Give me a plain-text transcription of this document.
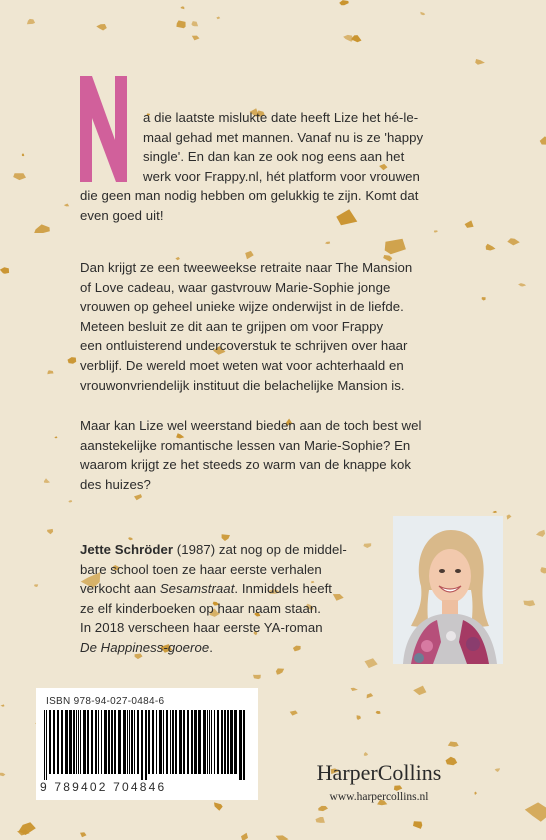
a die laatste mislukte date heeft Lize het hé-le-
maal gehad met mannen. Vanaf nu is ze 'happy
single'. En dan kan ze ook nog eens aan het
werk voor Frappy.nl, hét platform voor vrouwen
die geen man nodig hebben om gelukkig te zijn. Komt dat
even goed uit!
Dan krijgt ze een tweeweekse retraite naar The Mansion
of Love cadeau, waar gastvrouw Marie-Sophie jonge
vrouwen op geheel unieke wijze onderwijst in de liefde.
Meteen besluit ze dit aan te grijpen om voor Frappy
een ontluisterend undercoverstuk te schrijven over haar
verblijf. De wereld moet weten wat voor achterhaald en
vrouwonvriendelijk instituut die belachelijke Mansion is.
Maar kan Lize wel weerstand bieden aan de toch best wel
aanstekelijke romantische lessen van Marie-Sophie? En
waarom krijgt ze het steeds zo warm van de knappe kok
des huizes?
Jette Schröder (1987) zat nog op de middel-
bare school toen ze haar eerste verhalen
verkocht aan Sesamstraat. Inmiddels heeft
ze elf kinderboeken op haar naam staan.
In 2018 verscheen haar eerste YA-roman
De Happiness-goeroe.
ISBN 978-94-027-0484-6
9 789402 704846
HarperCollins
www.harpercollins.nl
